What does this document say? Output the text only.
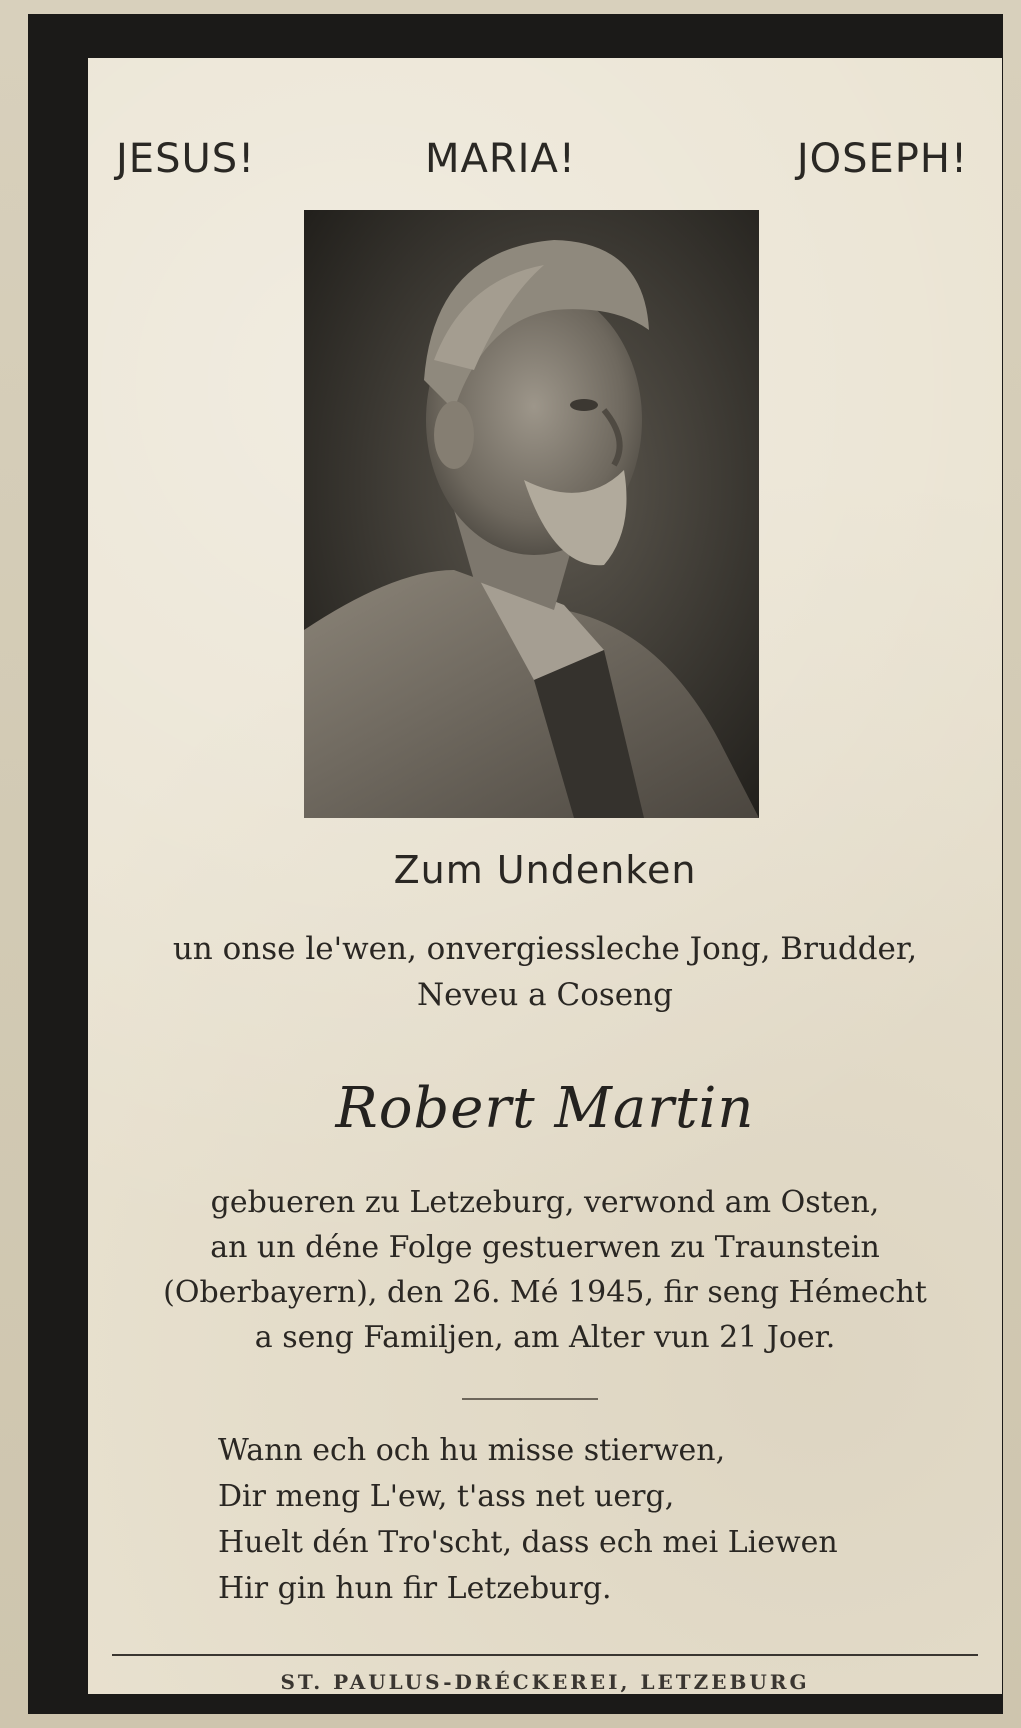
JESUS!	MARIA!	JOSEPH!
Zum Undenken
un onse le'wen, onvergiessleche Jong, Brudder,
Neveu a Coseng
Robert Martin
gebueren zu Letzeburg, verwond am Osten,
an un déne Folge gestuerwen zu Traunstein
(Oberbayern), den 26. Mé 1945, fir seng Hémecht
a seng Familjen, am Alter vun 21 Joer.
Wann ech och hu misse stierwen,
Dir meng L'ew, t'ass net uerg,
Huelt dén Tro'scht, dass ech mei Liewen
Hir gin hun fir Letzeburg.
ST. PAULUS-DRÉCKEREI, LETZEBURG
